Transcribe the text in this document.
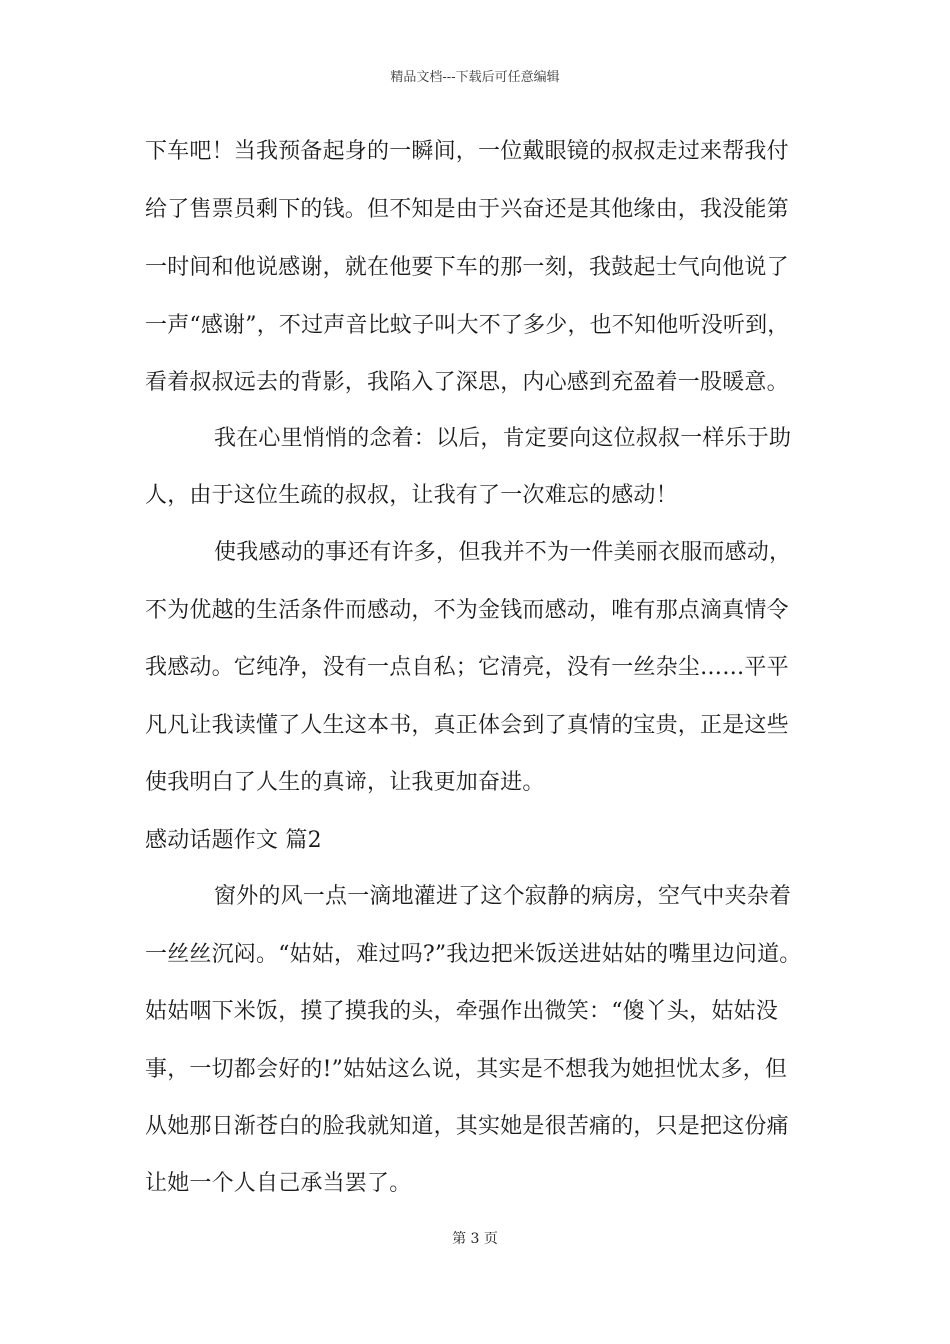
精品文档---下载后可任意编辑
下车吧！当我预备起身的一瞬间，一位戴眼镜的叔叔走过来帮我付
给了售票员剩下的钱。但不知是由于兴奋还是其他缘由，我没能第
一时间和他说感谢，就在他要下车的那一刻，我鼓起士气向他说了
一声“感谢”，不过声音比蚊子叫大不了多少，也不知他听没听到，
看着叔叔远去的背影，我陷入了深思，内心感到充盈着一股暖意。
我在心里悄悄的念着：以后，肯定要向这位叔叔一样乐于助
人，由于这位生疏的叔叔，让我有了一次难忘的感动！
使我感动的事还有许多，但我并不为一件美丽衣服而感动，
不为优越的生活条件而感动，不为金钱而感动，唯有那点滴真情令
我感动。它纯净，没有一点自私；它清亮，没有一丝杂尘……平平
凡凡让我读懂了人生这本书，真正体会到了真情的宝贵，正是这些
使我明白了人生的真谛，让我更加奋进。
感动话题作文 篇2
窗外的风一点一滴地灌进了这个寂静的病房，空气中夹杂着
一丝丝沉闷。“姑姑，难过吗?”我边把米饭送进姑姑的嘴里边问道。
姑姑咽下米饭，摸了摸我的头，牵强作出微笑：“傻丫头，姑姑没
事，一切都会好的!”姑姑这么说，其实是不想我为她担忧太多，但
从她那日渐苍白的脸我就知道，其实她是很苦痛的，只是把这份痛
让她一个人自己承当罢了。
第 3 页
